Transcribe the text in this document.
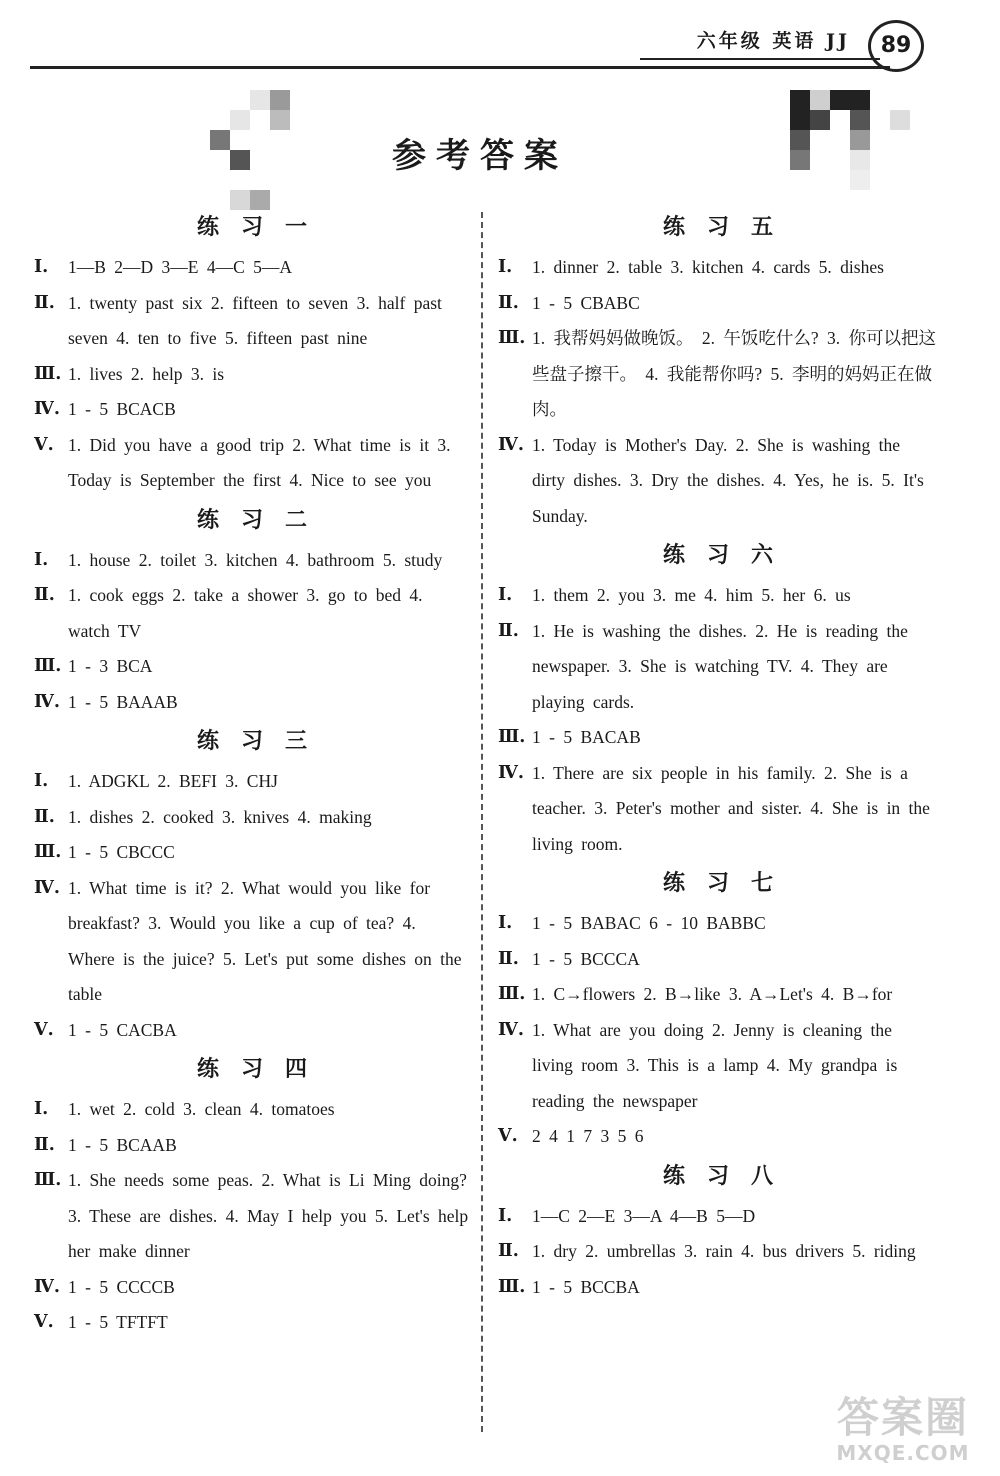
六年级 英语 JJ	89
参考答案
练习一
Ⅰ.	1—B 2—D 3—E 4—C 5—A
Ⅱ. 1. twenty past six 2. fifteen to seven 3. half past seven 4. ten to five 5. fifteen past nine
Ⅲ. 1. lives 2. help 3. is
Ⅳ. 1 - 5 BCACB
Ⅴ. 1. Did you have a good trip 2. What time is it 3. Today is September the first 4. Nice to see you
练习二
Ⅰ.	1. house 2. toilet 3. kitchen 4. bathroom 5. study
Ⅱ. 1. cook eggs 2. take a shower 3. go to bed 4. watch TV
Ⅲ. 1 - 3 BCA
Ⅳ. 1 - 5 BAAAB
练习三
Ⅰ.	1. ADGKL 2. BEFI 3. CHJ
Ⅱ. 1. dishes 2. cooked 3. knives 4. making
Ⅲ. 1 - 5 CBCCC
Ⅳ. 1. What time is it? 2. What would you like for breakfast? 3. Would you like a cup of tea? 4. Where is the juice? 5. Let's put some dishes on the table
Ⅴ. 1 - 5 CACBA
练习四
Ⅰ.	1. wet 2. cold 3. clean 4. tomatoes
Ⅱ. 1 - 5 BCAAB
Ⅲ. 1. She needs some peas. 2. What is Li Ming doing? 3. These are dishes. 4. May I help you 5. Let's help her make dinner
Ⅳ. 1 - 5 CCCCB
Ⅴ. 1 - 5 TFTFT
练习五
Ⅰ.	1. dinner 2. table 3. kitchen 4. cards 5. dishes
Ⅱ. 1 - 5 CBABC
Ⅲ. 1. 我帮妈妈做晚饭。 2. 午饭吃什么? 3. 你可以把这些盘子擦干。 4. 我能帮你吗? 5. 李明的妈妈正在做肉。
Ⅳ. 1. Today is Mother's Day. 2. She is washing the dirty dishes. 3. Dry the dishes. 4. Yes, he is. 5. It's Sunday.
练习六
Ⅰ.	1. them 2. you 3. me 4. him 5. her 6. us
Ⅱ. 1. He is washing the dishes. 2. He is reading the newspaper. 3. She is watching TV. 4. They are playing cards.
Ⅲ. 1 - 5 BACAB
Ⅳ. 1. There are six people in his family. 2. She is a teacher. 3. Peter's mother and sister. 4. She is in the living room.
练习七
Ⅰ.	1 - 5 BABAC 6 - 10 BABBC
Ⅱ. 1 - 5 BCCCA
Ⅲ. 1. C→flowers 2. B→like 3. A→Let's 4. B→for
Ⅳ. 1. What are you doing 2. Jenny is cleaning the living room 3. This is a lamp 4. My grandpa is reading the newspaper
Ⅴ. 2 4 1 7 3 5 6
练习八
Ⅰ.	1—C 2—E 3—A 4—B 5—D
Ⅱ. 1. dry 2. umbrellas 3. rain 4. bus drivers 5. riding
Ⅲ. 1 - 5 BCCBA
答案圈
MXQE.COM
